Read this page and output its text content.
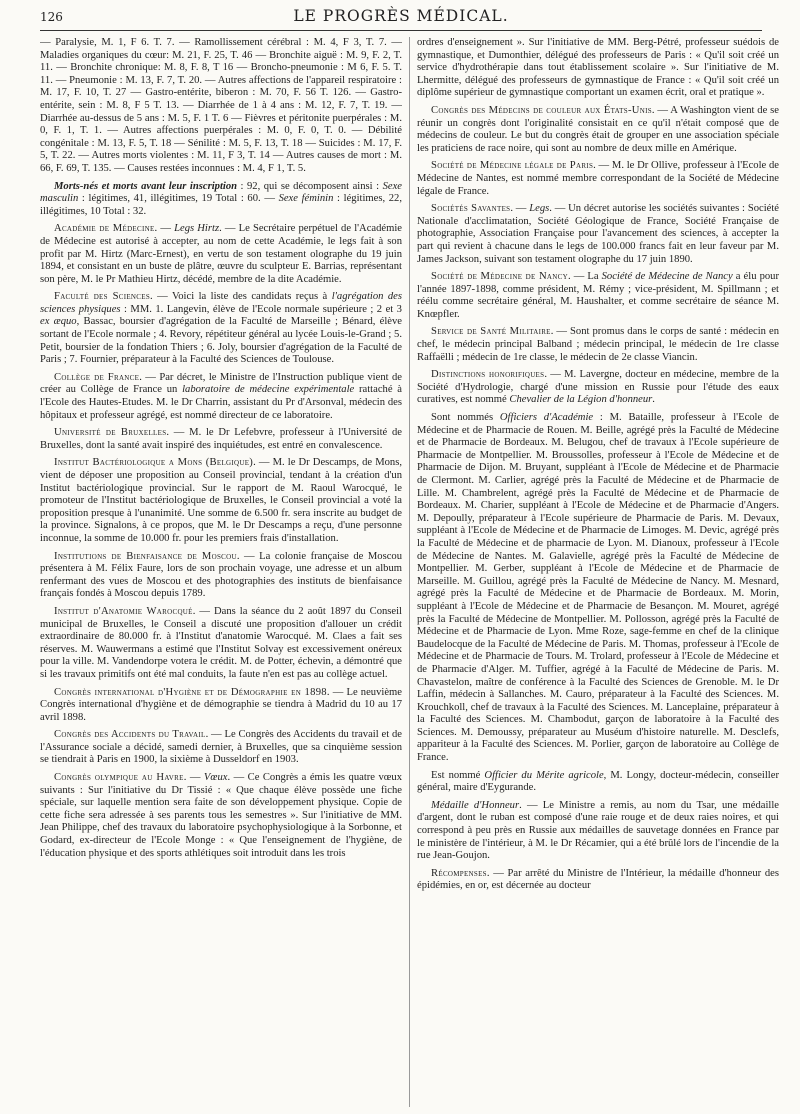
126	LE PROGRÈS MÉDICAL.

— Paralysie, M. 1, F 6. T. 7. — Ramollissement cérébral : M. 4, F 3, T. 7. — Maladies organiques du cœur: M. 21, F. 25, T. 46 — Bronchite aiguë : M. 9, F. 2, T. 11. — Bronchite chronique: M. 8, F. 8, T 16 — Broncho-pneumonie : M 6, F. 5. T. 11. — Pneumonie : M. 13, F. 7, T. 20. — Autres affections de l'appareil respiratoire : M. 17, F. 10, T. 27 — Gastro-entérite, biberon : M. 70, F. 56 T. 126. — Gastro-entérite, sein : M. 8, F 5 T. 13. — Diarrhée de 1 à 4 ans : M. 12, F. 7, T. 19. — Diarrhée au-dessus de 5 ans : M. 5, F. 1 T. 6 — Fièvres et péritonite puerpérales : M. 0, F. 1, T. 1. — Autres affections puerpérales : M. 0, F. 0, T. 0. — Débilité congénitale : M. 13, F. 5, T. 18 — Sénilité : M. 5, F. 13, T. 18 — Suicides : M. 17, F. 5, T. 22. — Autres morts violentes : M. 11, F 3, T. 14 — Autres causes de mort : M. 66, F. 69, T. 135. — Causes restées inconnues : M. 4, F 1, T. 5.

Morts-nés et morts avant leur inscription : 92, qui se décomposent ainsi : Sexe masculin : légitimes, 41, illégitimes, 19 Total : 60. — Sexe féminin : légitimes, 22, illégitimes, 10 Total : 32.

Académie de Médecine. — Legs Hirtz. — Le Secrétaire perpétuel de l'Académie de Médecine est autorisé à accepter, au nom de cette Académie, le legs fait à son profit par M. Hirtz (Marc-Ernest), en vertu de son testament olographe du 19 juin 1894, et consistant en un buste de plâtre, œuvre du sculpteur E. Barrias, représentant son père, M. le Pr Mathieu Hirtz, décédé, membre de la dite Académie.

Faculté des Sciences. — Voici la liste des candidats reçus à l'agrégation des sciences physiques : MM. 1. Langevin, élève de l'Ecole normale supérieure ; 2 et 3 ex æquo, Bassac, boursier d'agrégation de la Faculté de Marseille ; Bénard, élève sortant de l'Ecole normale ; 4. Revory, répétiteur général au lycée Louis-le-Grand ; 5. Petit, boursier de la fondation Thiers ; 6. Joly, boursier d'agrégation de la Faculté de Paris ; 7. Fournier, préparateur à la Faculté des Sciences de Toulouse.

Collège de France. — Par décret, le Ministre de l'Instruction publique vient de créer au Collège de France un laboratoire de médecine expérimentale rattaché à l'Ecole des Hautes-Etudes. M. le Dr Charrin, assistant du Pr d'Arsonval, médecin des hôpitaux et professeur agrégé, est nommé directeur de ce laboratoire.

Université de Bruxelles. — M. le Dr Lefebvre, professeur à l'Université de Bruxelles, dont la santé avait inspiré des inquiétudes, est entré en convalescence.

Institut Bactériologique a Mons (Belgique). — M. le Dr Descamps, de Mons, vient de déposer une proposition au Conseil provincial, tendant à la création d'un Institut bactériologique provincial. Sur le rapport de M. Raoul Warocqué, le promoteur de l'Institut bactériologique de Bruxelles, le Conseil provincial a voté la proposition presque à l'unanimité. Une somme de 6.500 fr. sera inscrite au budget de la province. Signalons, à ce propos, que M. le Dr Descamps a reçu, d'une personne inconnue, la somme de 10.000 fr. pour les premiers frais d'installation.

Institutions de Bienfaisance de Moscou. — La colonie française de Moscou présentera à M. Félix Faure, lors de son prochain voyage, une adresse et un album renfermant des vues de Moscou et des photographies des instituts de bienfaisance français fondés à Moscou depuis 1789.

Institut d'Anatomie Warocqué. — Dans la séance du 2 août 1897 du Conseil municipal de Bruxelles, le Conseil a discuté une proposition d'allouer un crédit extraordinaire de 80.000 fr. à l'Institut d'anatomie Warocqué. M. Claes a fait ses réserves. M. Wauwermans a estimé que l'Institut Solvay est excessivement onéreux pour la ville. M. Vandendorpe votera le crédit. M. de Potter, échevin, a démontré que si les travaux primitifs ont été mal conduits, la faute n'en est pas au collège actuel.

Congrès international d'Hygiène et de Démographie en 1898. — Le neuvième Congrès international d'hygiène et de démographie se tiendra à Madrid du 10 au 17 avril 1898.

Congrès des Accidents du Travail. — Le Congrès des Accidents du travail et de l'Assurance sociale a décidé, samedi dernier, à Bruxelles, que sa cinquième session se tiendrait à Paris en 1900, la sixième à Dusseldorf en 1903.

Congrès olympique au Havre. — Vœux. — Ce Congrès a émis les quatre vœux suivants : Sur l'initiative du Dr Tissié : « Que chaque élève possède une fiche spéciale, sur laquelle mention sera faite de son développement physique. Copie de cette fiche sera adressée à ses parents tous les semestres ». Sur l'initiative de MM. Jean Philippe, chef des travaux du laboratoire psychophysiologique à la Sorbonne, et Godard, ex-directeur de l'Ecole Monge : « Que l'enseignement de l'hygiène, de l'éducation physique et des sports athlétiques soit introduit dans les trois

ordres d'enseignement ». Sur l'initiative de MM. Berg-Pétré, professeur suédois de gymnastique, et Dumonthier, délégué des professeurs de Paris : « Qu'il soit créé un service d'hydrothérapie dans tout établissement scolaire ». Sur l'initiative de M. Lhermitte, délégué des professeurs de gymnastique de France : « Qu'il soit créé un diplôme supérieur de gymnastique comportant un examen écrit, oral et pratique ».

Congrès des Médecins de couleur aux États-Unis. — A Washington vient de se réunir un congrès dont l'originalité consistait en ce qu'il n'était composé que de médecins de couleur. Le but du congrès était de grouper en une association spéciale les praticiens de race noire, qui sont au nombre de deux mille en Amérique.

Société de Médecine légale de Paris. — M. le Dr Ollive, professeur à l'Ecole de Médecine de Nantes, est nommé membre correspondant de la Société de Médecine légale de France.

Sociétés Savantes. — Legs. — Un décret autorise les sociétés suivantes : Société Nationale d'acclimatation, Société Géologique de France, Société Française de photographie, Association Française pour l'avancement des sciences, à accepter la part qui revient à chacune dans le legs de 100.000 francs fait en leur faveur par M. James Jackson, suivant son testament olographe du 17 juin 1890.

Société de Médecine de Nancy. — La Société de Médecine de Nancy a élu pour l'année 1897-1898, comme président, M. Rémy ; vice-président, M. Spillmann ; et réélu comme secrétaire général, M. Haushalter, et comme secrétaire de séance M. Knœpfler.

Service de Santé Militaire. — Sont promus dans le corps de santé : médecin en chef, le médecin principal Balband ; médecin principal, le médecin de 1re classe Raffaëlli ; médecin de 1re classe, le médecin de 2e classe Viancin.

Distinctions honorifiques. — M. Lavergne, docteur en médecine, membre de la Société d'Hydrologie, chargé d'une mission en Russie pour l'étude des eaux curatives, est nommé Chevalier de la Légion d'honneur.

Sont nommés Officiers d'Académie : M. Bataille, professeur à l'Ecole de Médecine et de Pharmacie de Rouen. M. Beille, agrégé près la Faculté de Médecine et de Pharmacie de Bordeaux. M. Belugou, chef de travaux à l'Ecole supérieure de Pharmacie de Montpellier. M. Broussolles, professeur à l'Ecole de Médecine et de Pharmacie de Dijon. M. Bruyant, suppléant à l'Ecole de Médecine et de Pharmacie de Clermont. M. Carlier, agrégé près la Faculté de Médecine et de Pharmacie de Lille. M. Chambrelent, agrégé près la Faculté de Médecine et de Pharmacie de Bordeaux. M. Charier, suppléant à l'Ecole de Médecine et de Pharmacie d'Angers. M. Depoully, préparateur à l'Ecole supérieure de Pharmacie de Paris. M. Devaux, suppléant à l'Ecole de Médecine et de Pharmacie de Limoges. M. Devic, agrégé près la Faculté de Médecine et de pharmacie de Lyon. M. Dianoux, professeur à l'Ecole de Médecine de Nantes. M. Galavielle, agrégé près la Faculté de Médecine de Montpellier. M. Gerber, suppléant à l'Ecole de Médecine et de Pharmacie de Marseille. M. Guillou, agrégé près la Faculté de Médecine de Nancy. M. Mesnard, agrégé près la Faculté de Médecine et de Pharmacie de Bordeaux. M. Morin, suppléant à l'Ecole de Médecine et de Pharmacie de Besançon. M. Mouret, agrégé près la Faculté de Médecine de Montpellier. M. Pollosson, agrégé près la Faculté de Médecine et de Pharmacie de Lyon. Mme Roze, sage-femme en chef de la clinique Baudelocque de la Faculté de Médecine de Paris. M. Thomas, professeur à l'Ecole de Médecine et de Pharmacie de Tours. M. Trolard, professeur à l'Ecole de Médecine et de Pharmacie d'Alger. M. Tuffier, agrégé à la Faculté de Médecine de Paris. M. Chavastelon, maître de conférence à la Faculté des Sciences de Grenoble. M. le Dr Laffin, médecin à Sallanches. M. Cauro, préparateur à la Faculté des Sciences. M. Krouchkoll, chef de travaux à la Faculté des Sciences. M. Lanceplaine, préparateur à la Faculté des Sciences. M. Chambodut, garçon de laboratoire à la Faculté des Sciences. M. Demoussy, préparateur au Muséum d'histoire naturelle. M. Desclefs, appariteur à la Faculté des Sciences. M. Porlier, garçon de laboratoire au Collège de France.

Est nommé Officier du Mérite agricole, M. Longy, docteur-médecin, conseiller général, maire d'Eygurande.

Médaille d'Honneur. — Le Ministre a remis, au nom du Tsar, une médaille d'argent, dont le ruban est composé d'une raie rouge et de deux raies noires, et qui correspond à peu près en Russie aux médailles de sauvetage données en France par le ministère de l'intérieur, à M. le Dr Récamier, qui a été brûlé lors de l'incendie de la rue Jean-Goujon.

Récompenses. — Par arrêté du Ministre de l'Intérieur, la médaille d'honneur des épidémies, en or, est décernée au docteur
